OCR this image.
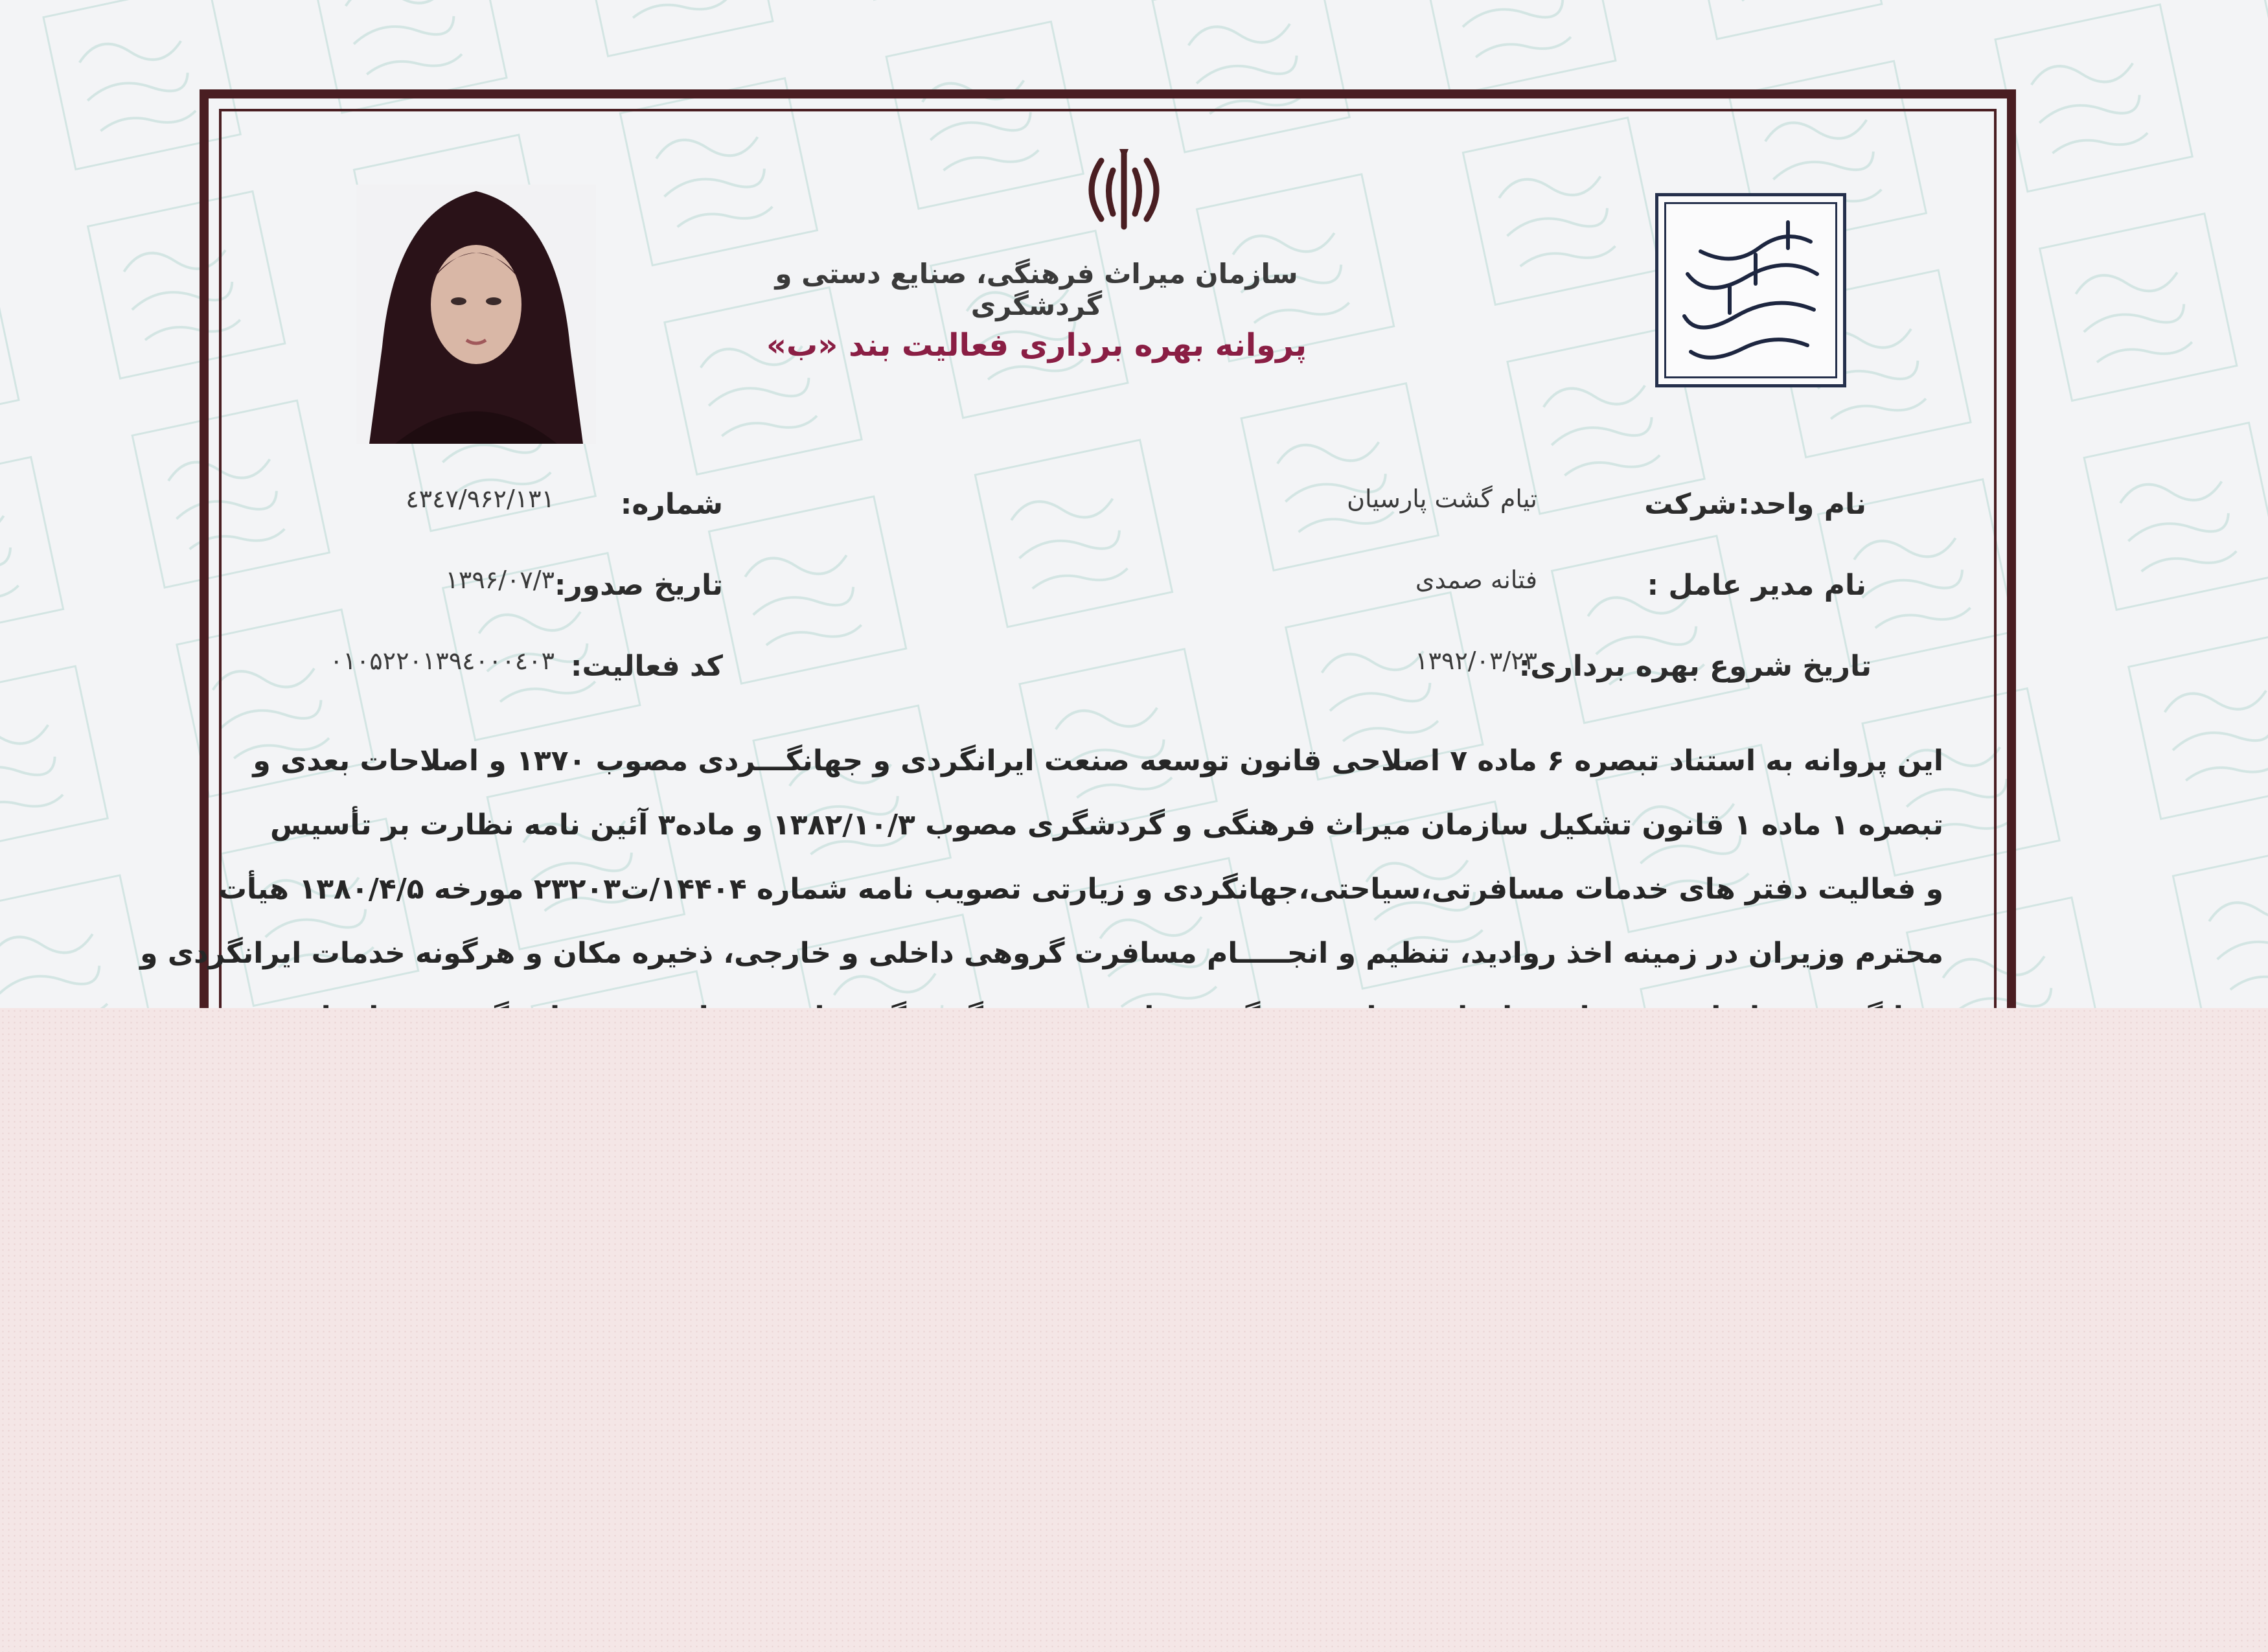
سازمان میراث فرهنگی، صنایع دستی و گردشگری
پروانه بهره برداری فعالیت بند «ب»
نام واحد:
شرکت
تیام گشت پارسیان
نام مدیر عامل :
فتانه صمدی
تاریخ شروع بهره برداری:
۱۳۹۲/۰۳/۲۳
شماره:
۹۶۲/۱۳۱/٤۳٤۷
تاریخ صدور:
۱۳۹۶/۰۷/۳
کد فعالیت:
۰۱۰۵۲۲۰۱۳۹٤۰۰۰٤۰۳
این پروانه به استناد تبصره ۶ ماده ۷ اصلاحی قانون توسعه صنعت ایرانگردی و جهانگـــردی مصوب ۱۳۷۰ و اصلاحات بعدی و
تبصره ۱ ماده ۱ قانون تشکیل سازمان میراث فرهنگی و گردشگری مصوب ۱۳۸۲/۱۰/۳ و ماده۳ آئین نامه نظارت بر تأسیس
و فعالیت دفتر های خدمات مسافرتی،سیاحتی،جهانگردی و زیارتی تصویب نامه شماره ۱۴۴۰۴/ت۲۳۲۰۳ مورخه ۱۳۸۰/۴/۵ هیأت
محترم وزیران در زمینه اخذ روادید، تنظیم و انجـــــام مسافرت گروهی داخلی و خارجی، ذخیره مکان و هرگونه خدمات ایرانگردی و
